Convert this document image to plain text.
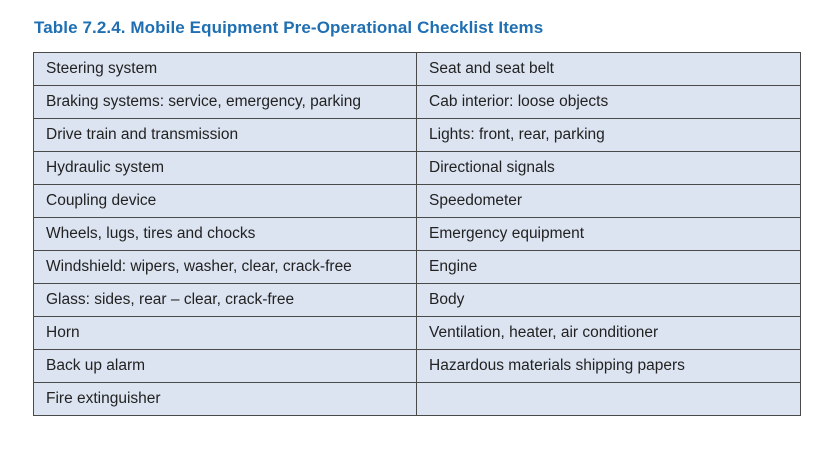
Table 7.2.4. Mobile Equipment Pre-Operational Checklist Items
Steering system	Seat and seat belt
Braking systems: service, emergency, parking	Cab interior: loose objects
Drive train and transmission	Lights: front, rear, parking
Hydraulic system	Directional signals
Coupling device	Speedometer
Wheels, lugs, tires and chocks	Emergency equipment
Windshield: wipers, washer, clear, crack-free	Engine
Glass: sides, rear – clear, crack-free	Body
Horn	Ventilation, heater, air conditioner
Back up alarm	Hazardous materials shipping papers
Fire extinguisher	
